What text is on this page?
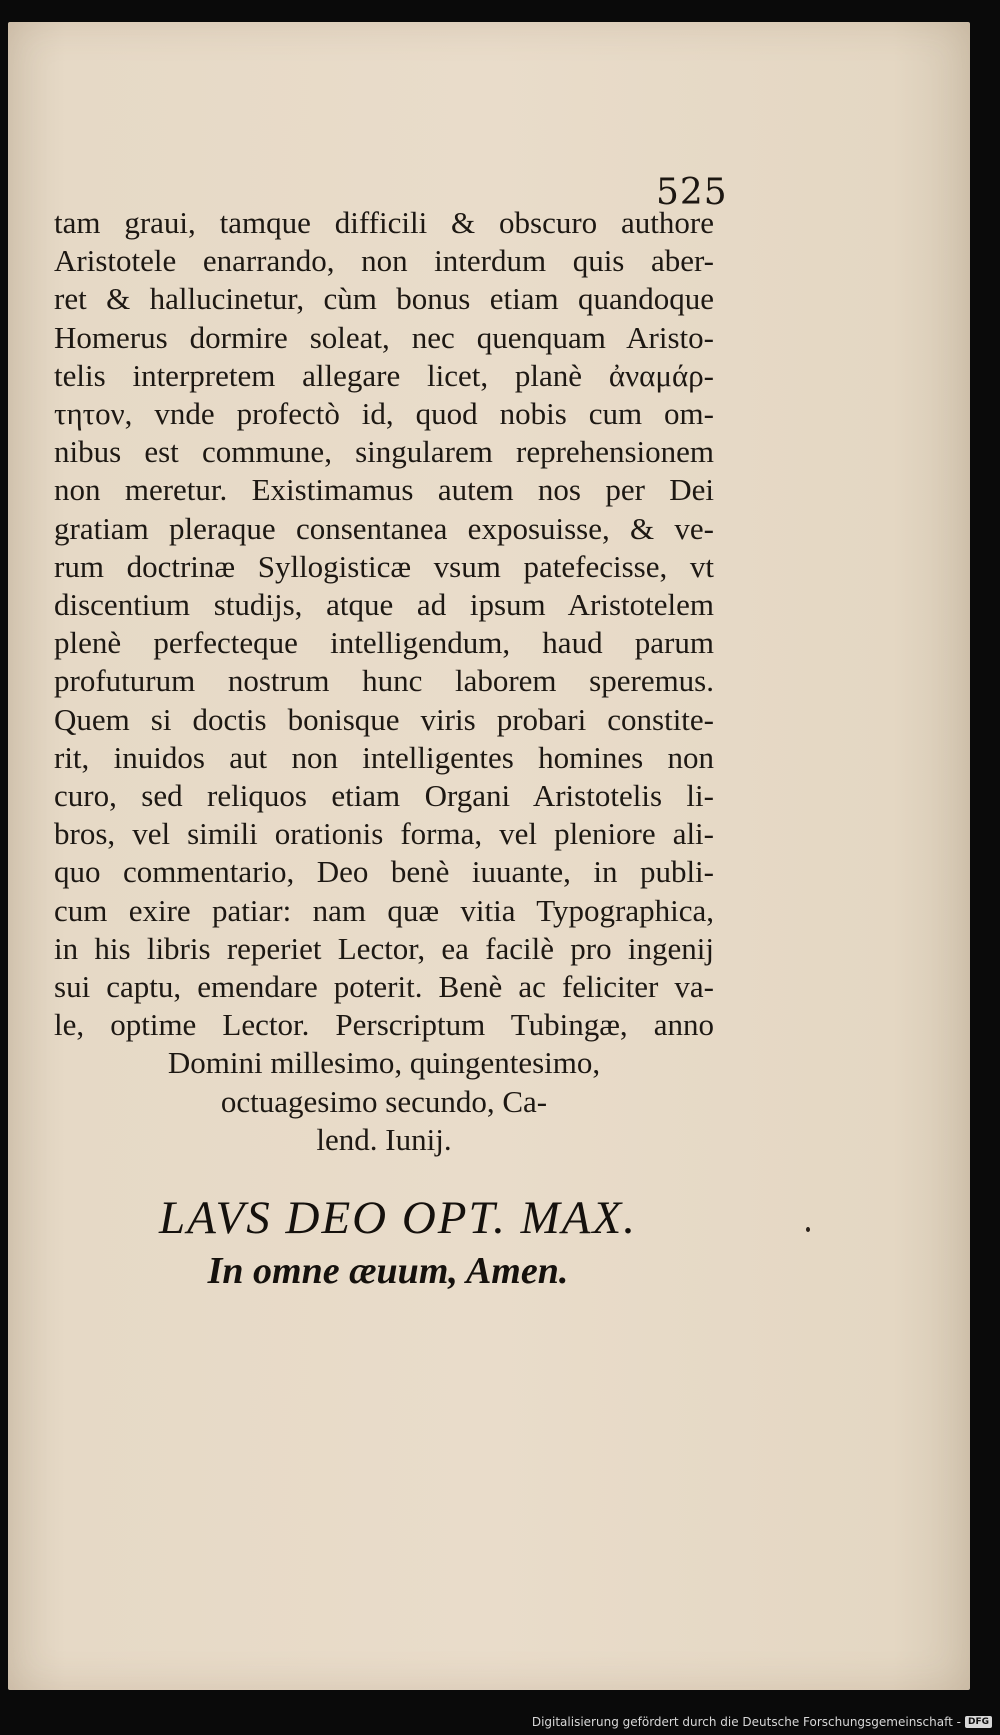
525
tam graui, tamque difficili & obscuro authore
Aristotele enarrando, non interdum quis aber-
ret & hallucinetur, cùm bonus etiam quandoque
Homerus dormire soleat, nec quenquam Aristo-
telis interpretem allegare licet, planè ἀναμάρ-
τητον, vnde profectò id, quod nobis cum om-
nibus est commune, singularem reprehensionem
non meretur. Existimamus autem nos per Dei
gratiam pleraque consentanea exposuisse, & ve-
rum doctrinæ Syllogisticæ vsum patefecisse, vt
discentium studijs, atque ad ipsum Aristotelem
plenè perfecteque intelligendum, haud parum
profuturum nostrum hunc laborem speremus.
Quem si doctis bonisque viris probari constite-
rit, inuidos aut non intelligentes homines non
curo, sed reliquos etiam Organi Aristotelis li-
bros, vel simili orationis forma, vel pleniore ali-
quo commentario, Deo benè iuuante, in publi-
cum exire patiar: nam quæ vitia Typographica,
in his libris reperiet Lector, ea facilè pro ingenij
sui captu, emendare poterit. Benè ac feliciter va-
le, optime Lector. Perscriptum Tubingæ, anno
Domini millesimo, quingentesimo,
octuagesimo secundo, Ca-
lend. Iunij.
LAVS DEO OPT. MAX.
In omne æuum, Amen.
Digitalisierung gefördert durch die Deutsche Forschungsgemeinschaft - DFG
